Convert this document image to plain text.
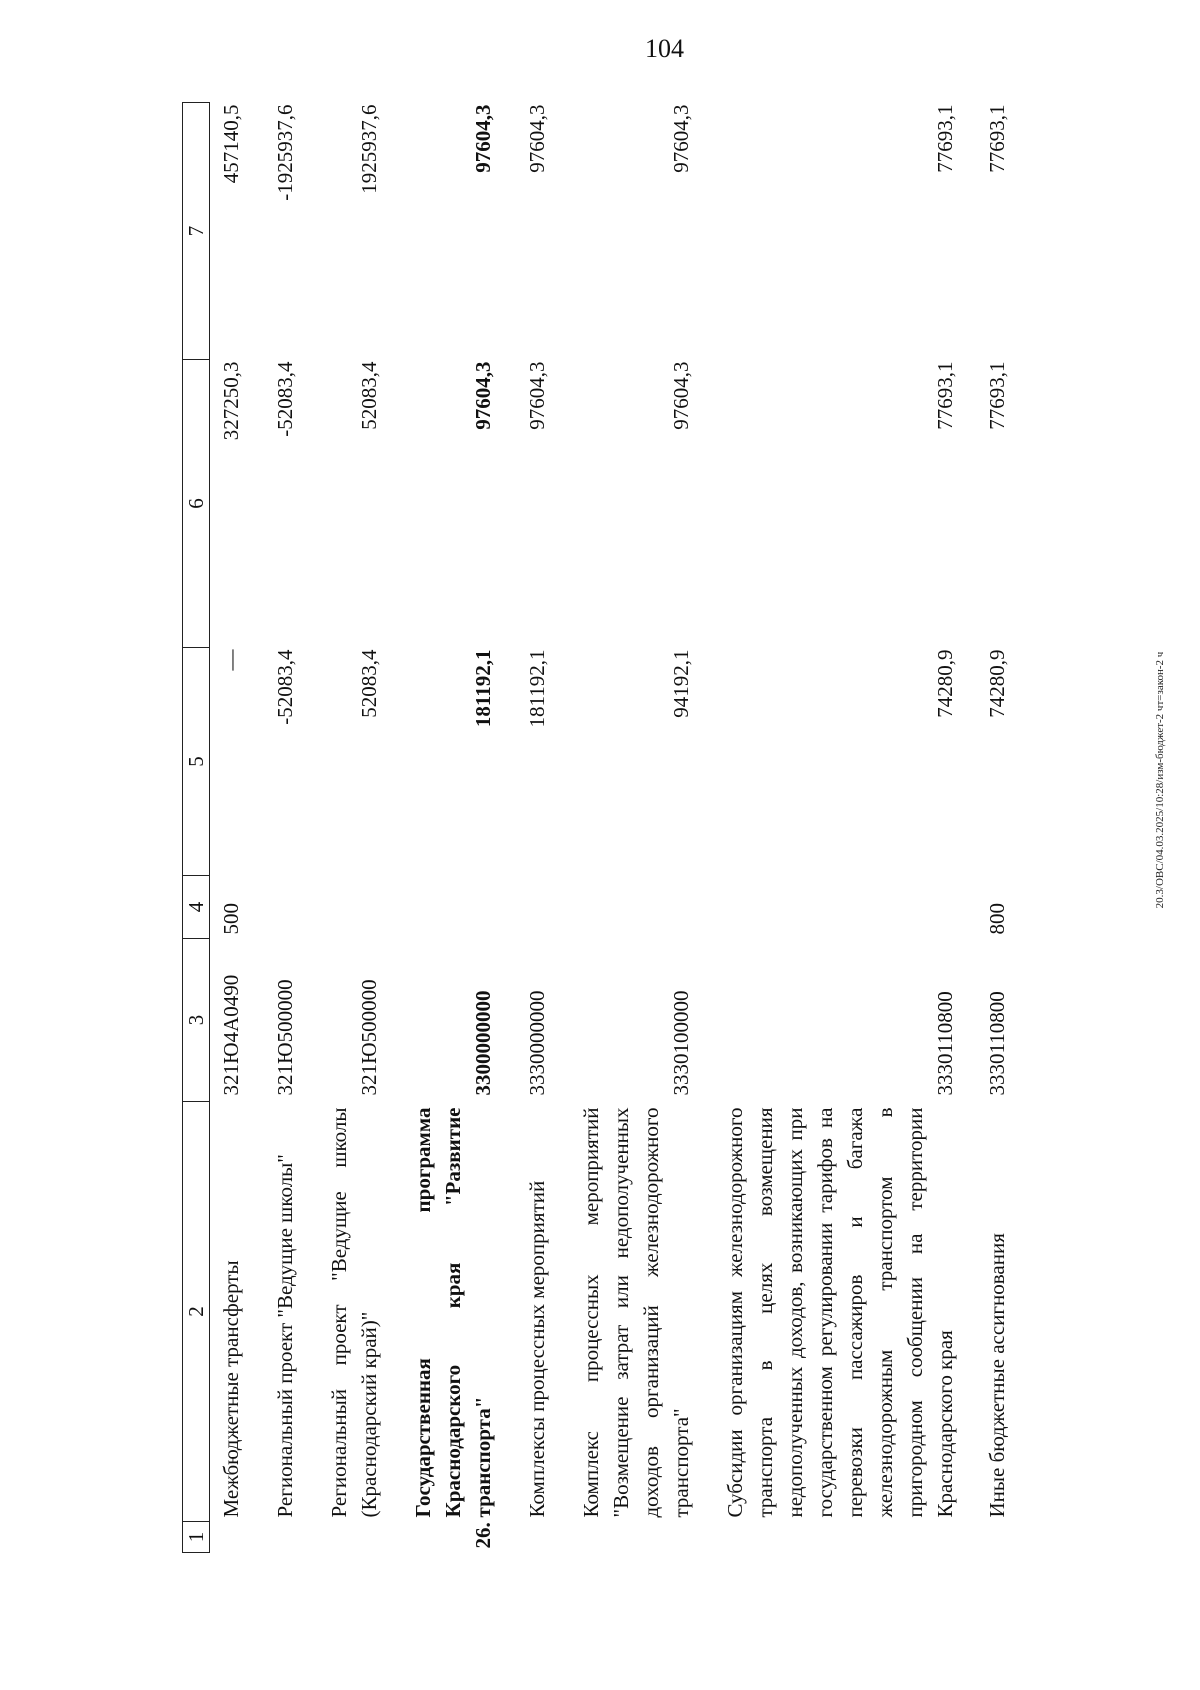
104
20.3/ОВС/04.03.2025/10:28/изм-бюджет-2 чт=закон-2 ч
1	2	3	4	5	6	7
	Межбюджетные трансферты	321Ю4А0490	500	—	327250,3	457140,5
	Региональный проект "Ведущие школы"	321Ю500000		-52083,4	-52083,4	-1925937,6
	Региональный проект "Ведущие школы (Краснодарский край)"	321Ю500000		52083,4	52083,4	1925937,6
26.	Государственная программа Краснодарского края "Развитие транспорта"	3300000000		181192,1	97604,3	97604,3
	Комплексы процессных мероприятий	3330000000		181192,1	97604,3	97604,3
	Комплекс процессных мероприятий "Возмещение затрат или недополученных доходов организаций железнодорожного транспорта"	3330100000		94192,1	97604,3	97604,3
	Субсидии организациям железнодорожного транспорта в целях возмещения недополученных доходов, возникающих при государственном регулировании тарифов на перевозки пассажиров и багажа железнодорожным транспортом в пригородном сообщении на территории Краснодарского края	3330110800		74280,9	77693,1	77693,1
	Иные бюджетные ассигнования	3330110800	800	74280,9	77693,1	77693,1
